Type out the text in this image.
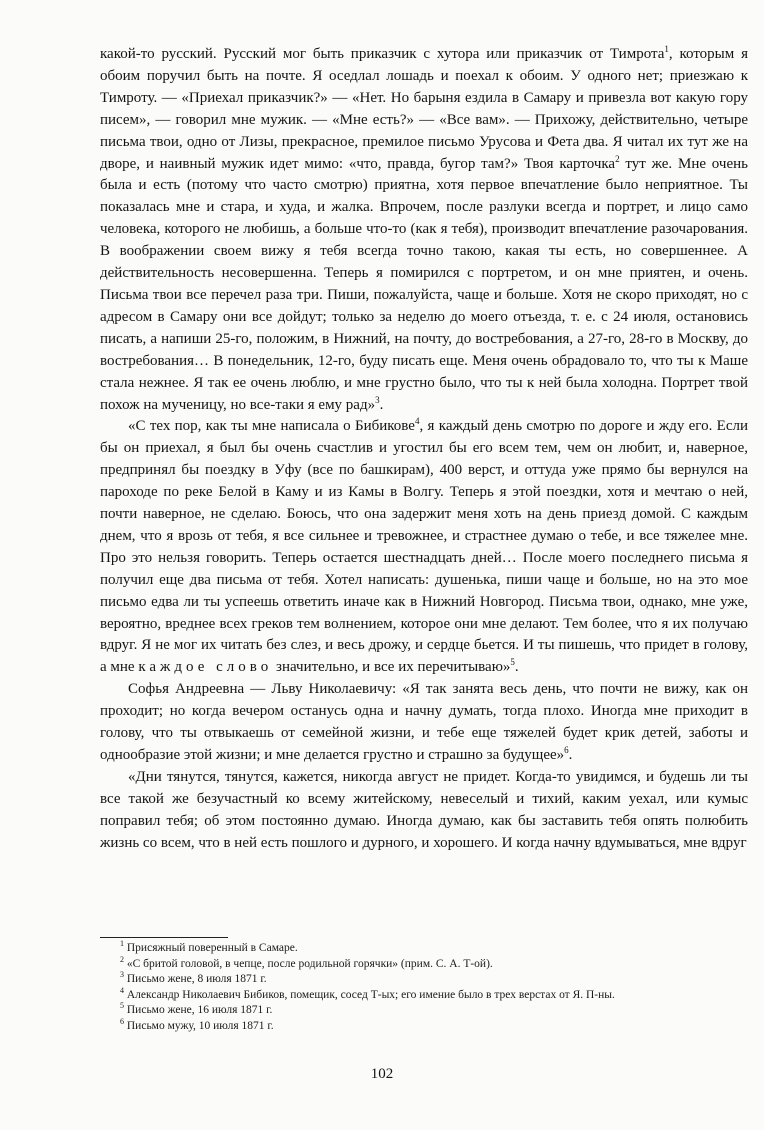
какой-то русский. Русский мог быть приказчик с хутора или приказчик от Тимрота$^1$, которым я обоим поручил быть на почте. Я оседлал лошадь и поехал к обоим. У одного нет; приезжаю к Тимроту. — «Приехал приказчик?» — «Нет. Но барыня ездила в Самару и привезла вот какую гору писем», — говорил мне мужик. — «Мне есть?» — «Все вам». — Прихожу, действительно, четыре письма твои, одно от Лизы, прекрасное, премилое письмо Урусова и Фета два. Я читал их тут же на дворе, и наивный мужик идет мимо: «что, правда, бугор там?» Твоя карточка$^2$ тут же. Мне очень была и есть (потому что часто смотрю) приятна, хотя первое впечатление было неприятное. Ты показалась мне и стара, и худа, и жалка. Впрочем, после разлуки всегда и портрет, и лицо само человека, которого не любишь, а больше что-то (как я тебя), производит впечатление разочарования. В воображении своем вижу я тебя всегда точно такою, какая ты есть, но совершеннее. А действительность несовершенна. Теперь я помирился с портретом, и он мне приятен, и очень. Письма твои все перечел раза три. Пиши, пожалуйста, чаще и больше. Хотя не скоро приходят, но с адресом в Самару они все дойдут; только за неделю до моего отъезда, т. е. с 24 июля, остановись писать, а напиши 25-го, положим, в Нижний, на почту, до востребования, а 27-го, 28-го в Москву, до востребования… В понедельник, 12-го, буду писать еще. Меня очень обрадовало то, что ты к Маше стала нежнее. Я так ее очень люблю, и мне грустно было, что ты к ней была холодна. Портрет твой похож на мученицу, но все-таки я ему рад»$^3$.

«С тех пор, как ты мне написала о Бибикове$^4$, я каждый день смотрю по дороге и жду его. Если бы он приехал, я был бы очень счастлив и угостил бы его всем тем, чем он любит, и, наверное, предпринял бы поездку в Уфу (все по башкирам), 400 верст, и оттуда уже прямо бы вернулся на пароходе по реке Белой в Каму и из Камы в Волгу. Теперь я этой поездки, хотя и мечтаю о ней, почти наверное, не сделаю. Боюсь, что она задержит меня хоть на день приезд домой. С каждым днем, что я врозь от тебя, я все сильнее и тревожнее, и страстнее думаю о тебе, и все тяжелее мне. Про это нельзя говорить. Теперь остается шестнадцать дней… После моего последнего письма я получил еще два письма от тебя. Хотел написать: душенька, пиши чаще и больше, но на это мое письмо едва ли ты успеешь ответить иначе как в Нижний Новгород. Письма твои, однако, мне уже, вероятно, вреднее всех греков тем волнением, которое они мне делают. Тем более, что я их получаю вдруг. Я не мог их читать без слез, и весь дрожу, и сердце бьется. И ты пишешь, что придет в голову, а мне каждое слово значительно, и все их перечитываю»$^5$.

Софья Андреевна — Льву Николаевичу: «Я так занята весь день, что почти не вижу, как он проходит; но когда вечером останусь одна и начну думать, тогда плохо. Иногда мне приходит в голову, что ты отвыкаешь от семейной жизни, и тебе еще тяжелей будет крик детей, заботы и однообразие этой жизни; и мне делается грустно и страшно за будущее»$^6$.

«Дни тянутся, тянутся, кажется, никогда август не придет. Когда-то увидимся, и будешь ли ты все такой же безучастный ко всему житейскому, невеселый и тихий, каким уехал, или кумыс поправил тебя; об этом постоянно думаю. Иногда думаю, как бы заставить тебя опять полюбить жизнь со всем, что в ней есть пошлого и дурного, и хорошего. И когда начну вдумываться, мне вдруг

$^1$ Присяжный поверенный в Самаре.
$^2$ «С бритой головой, в чепце, после родильной горячки» (прим. С. А. Т-ой).
$^3$ Письмо жене, 8 июля 1871 г.
$^4$ Александр Николаевич Бибиков, помещик, сосед Т-ых; его имение было в трех верстах от Я. П-ны.
$^5$ Письмо жене, 16 июля 1871 г.
$^6$ Письмо мужу, 10 июля 1871 г.
102
